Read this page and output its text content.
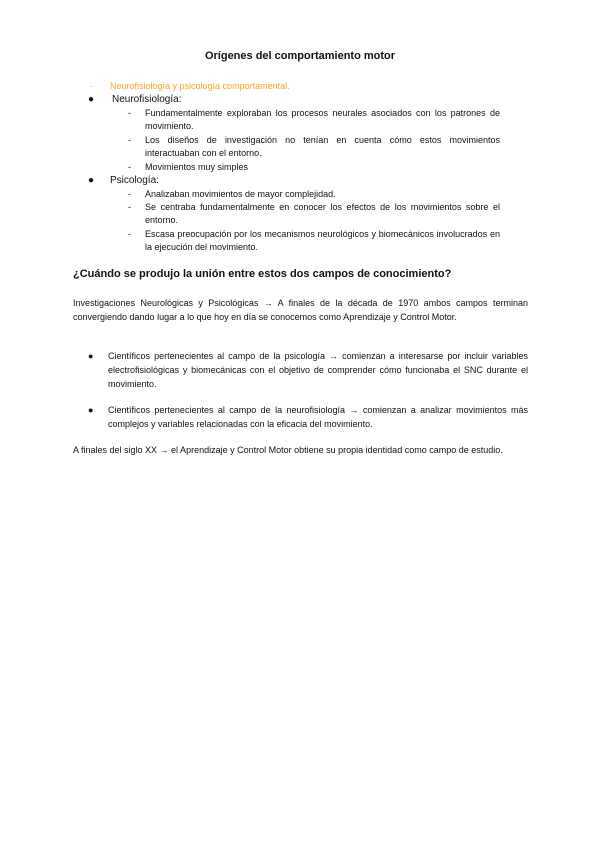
Orígenes del comportamiento motor
- Neurofisiología y psicología comportamental.
● Neurofisiología:
- Fundamentalmente exploraban los procesos neurales asociados con los patrones de movimiento.
- Los diseños de investigación no tenían en cuenta cómo estos movimientos interactuaban con el entorno.
- Movimientos muy simples
● Psicología:
- Analizaban movimientos de mayor complejidad.
- Se centraba fundamentalmente en conocer los efectos de los movimientos sobre el entorno.
- Escasa preocupación por los mecanismos neurológicos y biomecánicos involucrados en la ejecución del movimiento.
¿Cuándo se produjo la unión entre estos dos campos de conocimiento?
Investigaciones Neurológicas y Psicológicas → A finales de la década de 1970 ambos campos terminan convergiendo dando lugar a lo que hoy en día se conocemos como Aprendizaje y Control Motor.
● Científicos pertenecientes al campo de la psicología → comienzan a interesarse por incluir variables electrofisiológicas y biomecánicas con el objetivo de comprender cómo funcionaba el SNC durante el movimiento.
● Científicos pertenecientes al campo de la neurofisiología → comienzan a analizar movimientos más complejos y variables relacionadas con la eficacia del movimiento.
A finales del siglo XX → el Aprendizaje y Control Motor obtiene su propia identidad como campo de estudio.
